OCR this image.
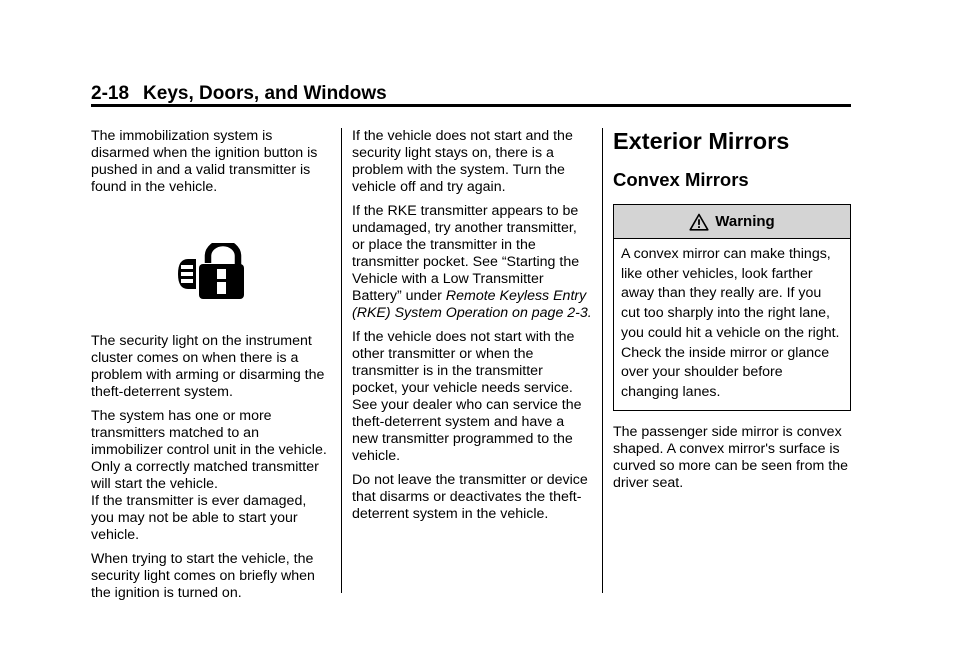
2-18 Keys, Doors, and Windows

The immobilization system is disarmed when the ignition button is pushed in and a valid transmitter is found in the vehicle.

The security light on the instrument cluster comes on when there is a problem with arming or disarming the theft-deterrent system.

The system has one or more transmitters matched to an immobilizer control unit in the vehicle. Only a correctly matched transmitter will start the vehicle.
If the transmitter is ever damaged, you may not be able to start your vehicle.

When trying to start the vehicle, the security light comes on briefly when the ignition is turned on.

If the vehicle does not start and the security light stays on, there is a problem with the system. Turn the vehicle off and try again.

If the RKE transmitter appears to be undamaged, try another transmitter, or place the transmitter in the transmitter pocket. See “Starting the Vehicle with a Low Transmitter Battery” under Remote Keyless Entry (RKE) System Operation on page 2-3.

If the vehicle does not start with the other transmitter or when the transmitter is in the transmitter pocket, your vehicle needs service. See your dealer who can service the theft-deterrent system and have a new transmitter programmed to the vehicle.

Do not leave the transmitter or device that disarms or deactivates the theft-deterrent system in the vehicle.

Exterior Mirrors
Convex Mirrors
Warning
A convex mirror can make things, like other vehicles, look farther away than they really are. If you cut too sharply into the right lane, you could hit a vehicle on the right. Check the inside mirror or glance over your shoulder before changing lanes.

The passenger side mirror is convex shaped. A convex mirror's surface is curved so more can be seen from the driver seat.
